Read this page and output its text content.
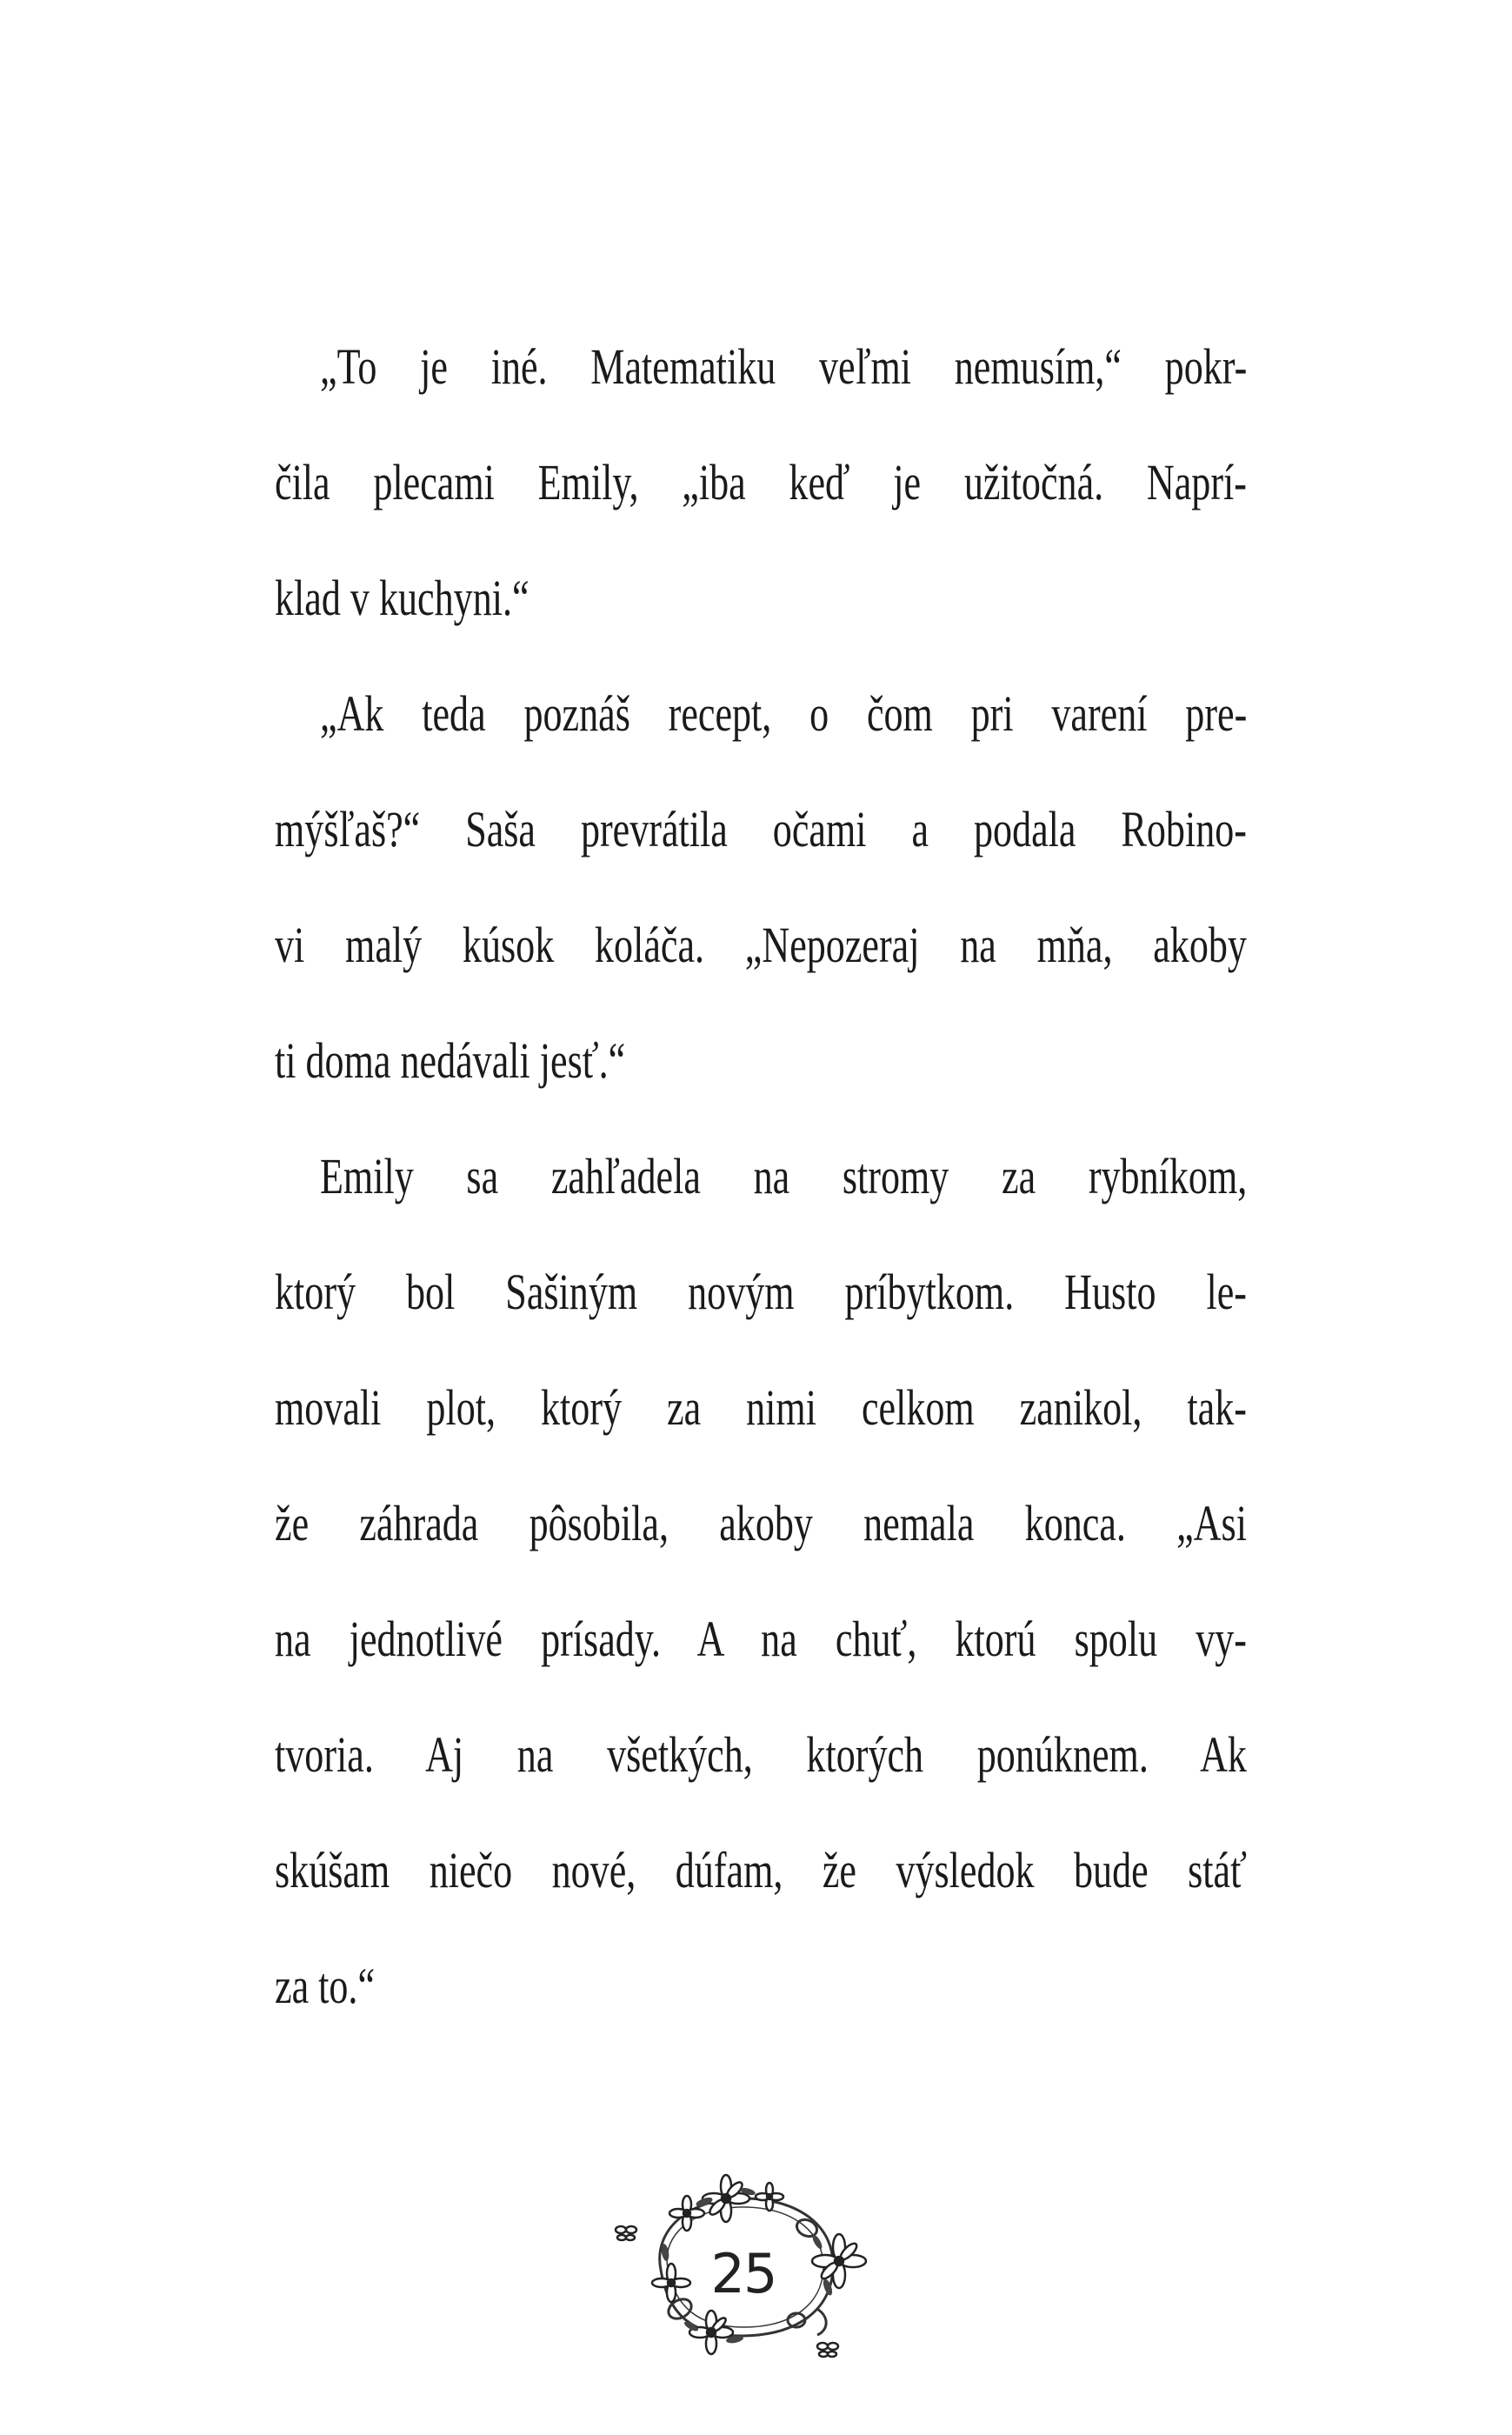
„To je iné. Matematiku veľmi nemusím,“ pokr-
čila plecami Emily, „iba keď je užitočná. Naprí-
klad v kuchyni.“
„Ak teda poznáš recept, o čom pri varení pre-
mýšľaš?“ Saša prevrátila očami a podala Robino-
vi malý kúsok koláča. „Nepozeraj na mňa, akoby
ti doma nedávali jesť.“
Emily sa zahľadela na stromy za rybníkom,
ktorý bol Sašiným novým príbytkom. Husto le-
movali plot, ktorý za nimi celkom zanikol, tak-
že záhrada pôsobila, akoby nemala konca. „Asi
na jednotlivé prísady. A na chuť, ktorú spolu vy-
tvoria. Aj na všetkých, ktorých ponúknem. Ak
skúšam niečo nové, dúfam, že výsledok bude stáť
za to.“
25
